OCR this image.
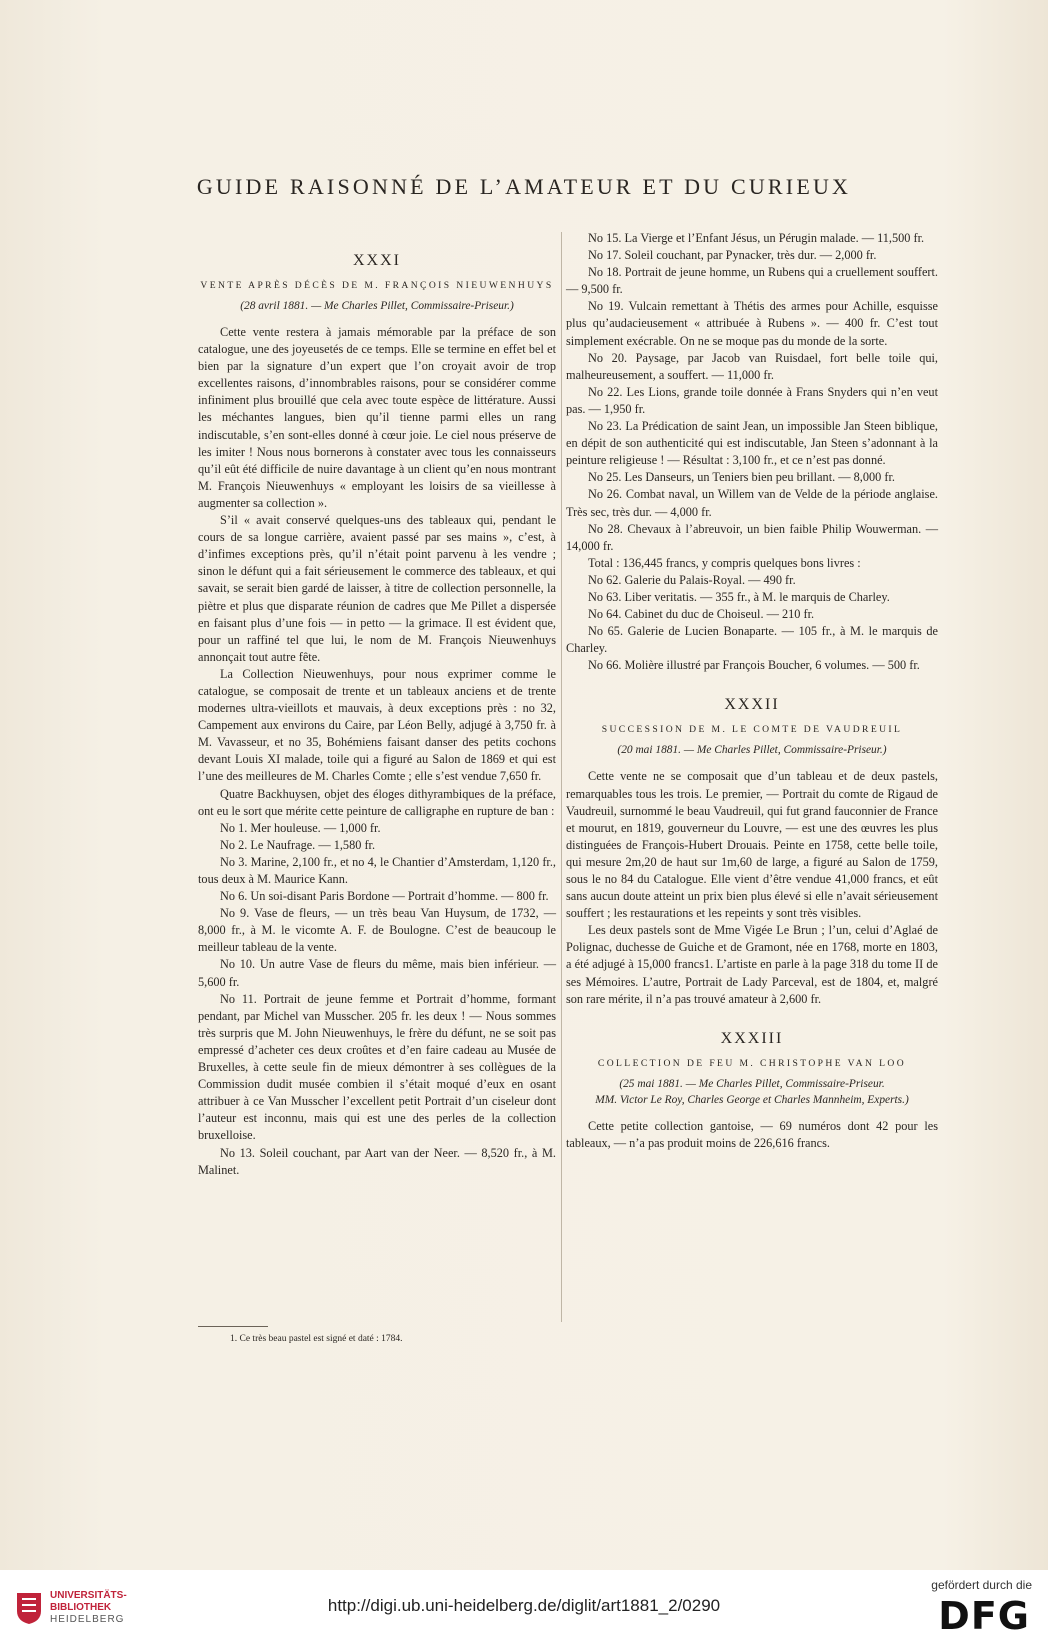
GUIDE RAISONNÉ DE L’AMATEUR ET DU CURIEUX
XXXI
VENTE APRÈS DÉCÈS DE M. FRANÇOIS NIEUWENHUYS
(28 avril 1881. — Me Charles Pillet, Commissaire-Priseur.)

Cette vente restera à jamais mémorable par la préface de son catalogue, une des joyeusetés de ce temps. Elle se termine en effet bel et bien par la signature d’un expert que l’on croyait avoir de trop excellentes raisons, d’innombrables raisons, pour se considérer comme infiniment plus brouillé que cela avec toute espèce de littérature. Aussi les méchantes langues, bien qu’il tienne parmi elles un rang indiscutable, s’en sont-elles donné à cœur joie. Le ciel nous préserve de les imiter ! Nous nous bornerons à constater avec tous les connaisseurs qu’il eût été difficile de nuire davantage à un client qu’en nous montrant M. François Nieuwenhuys « employant les loisirs de sa vieillesse à augmenter sa collection ».

S’il « avait conservé quelques-uns des tableaux qui, pendant le cours de sa longue carrière, avaient passé par ses mains », c’est, à d’infimes exceptions près, qu’il n’était point parvenu à les vendre ; sinon le défunt qui a fait sérieusement le commerce des tableaux, et qui savait, se serait bien gardé de laisser, à titre de collection personnelle, la piètre et plus que disparate réunion de cadres que Me Pillet a dispersée en faisant plus d’une fois — in petto — la grimace. Il est évident que, pour un raffiné tel que lui, le nom de M. François Nieuwenhuys annonçait tout autre fête.

La Collection Nieuwenhuys, pour nous exprimer comme le catalogue, se composait de trente et un tableaux anciens et de trente modernes ultra-vieillots et mauvais, à deux exceptions près : no 32, Campement aux environs du Caire, par Léon Belly, adjugé à 3,750 fr. à M. Vavasseur, et no 35, Bohémiens faisant danser des petits cochons devant Louis XI malade, toile qui a figuré au Salon de 1869 et qui est l’une des meilleures de M. Charles Comte ; elle s’est vendue 7,650 fr.

Quatre Backhuysen, objet des éloges dithyrambiques de la préface, ont eu le sort que mérite cette peinture de calligraphe en rupture de ban :

No 1. Mer houleuse. — 1,000 fr.

No 2. Le Naufrage. — 1,580 fr.

No 3. Marine, 2,100 fr., et no 4, le Chantier d’Amsterdam, 1,120 fr., tous deux à M. Maurice Kann.

No 6. Un soi-disant Paris Bordone — Portrait d’homme. — 800 fr.

No 9. Vase de fleurs, — un très beau Van Huysum, de 1732, — 8,000 fr., à M. le vicomte A. F. de Boulogne. C’est de beaucoup le meilleur tableau de la vente.

No 10. Un autre Vase de fleurs du même, mais bien inférieur. — 5,600 fr.

No 11. Portrait de jeune femme et Portrait d’homme, formant pendant, par Michel van Musscher. 205 fr. les deux ! — Nous sommes très surpris que M. John Nieuwenhuys, le frère du défunt, ne se soit pas empressé d’acheter ces deux croûtes et d’en faire cadeau au Musée de Bruxelles, à cette seule fin de mieux démontrer à ses collègues de la Commission dudit musée combien il s’était moqué d’eux en osant attribuer à ce Van Musscher l’excellent petit Portrait d’un ciseleur dont l’auteur est inconnu, mais qui est une des perles de la collection bruxelloise.

No 13. Soleil couchant, par Aart van der Neer. — 8,520 fr., à M. Malinet.

No 15. La Vierge et l’Enfant Jésus, un Pérugin malade. — 11,500 fr.

No 17. Soleil couchant, par Pynacker, très dur. — 2,000 fr.

No 18. Portrait de jeune homme, un Rubens qui a cruellement souffert. — 9,500 fr.

No 19. Vulcain remettant à Thétis des armes pour Achille, esquisse plus qu’audacieusement « attribuée à Rubens ». — 400 fr. C’est tout simplement exécrable. On ne se moque pas du monde de la sorte.

No 20. Paysage, par Jacob van Ruisdael, fort belle toile qui, malheureusement, a souffert. — 11,000 fr.

No 22. Les Lions, grande toile donnée à Frans Snyders qui n’en veut pas. — 1,950 fr.

No 23. La Prédication de saint Jean, un impossible Jan Steen biblique, en dépit de son authenticité qui est indiscutable, Jan Steen s’adonnant à la peinture religieuse ! — Résultat : 3,100 fr., et ce n’est pas donné.

No 25. Les Danseurs, un Teniers bien peu brillant. — 8,000 fr.

No 26. Combat naval, un Willem van de Velde de la période anglaise. Très sec, très dur. — 4,000 fr.

No 28. Chevaux à l’abreuvoir, un bien faible Philip Wouwerman. — 14,000 fr.

Total : 136,445 francs, y compris quelques bons livres :

No 62. Galerie du Palais-Royal. — 490 fr.

No 63. Liber veritatis. — 355 fr., à M. le marquis de Charley.

No 64. Cabinet du duc de Choiseul. — 210 fr.

No 65. Galerie de Lucien Bonaparte. — 105 fr., à M. le marquis de Charley.

No 66. Molière illustré par François Boucher, 6 volumes. — 500 fr.

XXXII
SUCCESSION DE M. LE COMTE DE VAUDREUIL
(20 mai 1881. — Me Charles Pillet, Commissaire-Priseur.)

Cette vente ne se composait que d’un tableau et de deux pastels, remarquables tous les trois. Le premier, — Portrait du comte de Rigaud de Vaudreuil, surnommé le beau Vaudreuil, qui fut grand fauconnier de France et mourut, en 1819, gouverneur du Louvre, — est une des œuvres les plus distinguées de François-Hubert Drouais. Peinte en 1758, cette belle toile, qui mesure 2m,20 de haut sur 1m,60 de large, a figuré au Salon de 1759, sous le no 84 du Catalogue. Elle vient d’être vendue 41,000 francs, et eût sans aucun doute atteint un prix bien plus élevé si elle n’avait sérieusement souffert ; les restaurations et les repeints y sont très visibles.

Les deux pastels sont de Mme Vigée Le Brun ; l’un, celui d’Aglaé de Polignac, duchesse de Guiche et de Gramont, née en 1768, morte en 1803, a été adjugé à 15,000 francs1. L’artiste en parle à la page 318 du tome II de ses Mémoires. L’autre, Portrait de Lady Parceval, est de 1804, et, malgré son rare mérite, il n’a pas trouvé amateur à 2,600 fr.

XXXIII
COLLECTION DE FEU M. CHRISTOPHE VAN LOO
(25 mai 1881. — Me Charles Pillet, Commissaire-Priseur.
MM. Victor Le Roy, Charles George et Charles Mannheim, Experts.)

Cette petite collection gantoise, — 69 numéros dont 42 pour les tableaux, — n’a pas produit moins de 226,616 francs.

1. Ce très beau pastel est signé et daté : 1784.
UNIVERSITÄTS-
BIBLIOTHEK
HEIDELBERG
http://digi.ub.uni-heidelberg.de/diglit/art1881_2/0290
gefördert durch die
DFG
